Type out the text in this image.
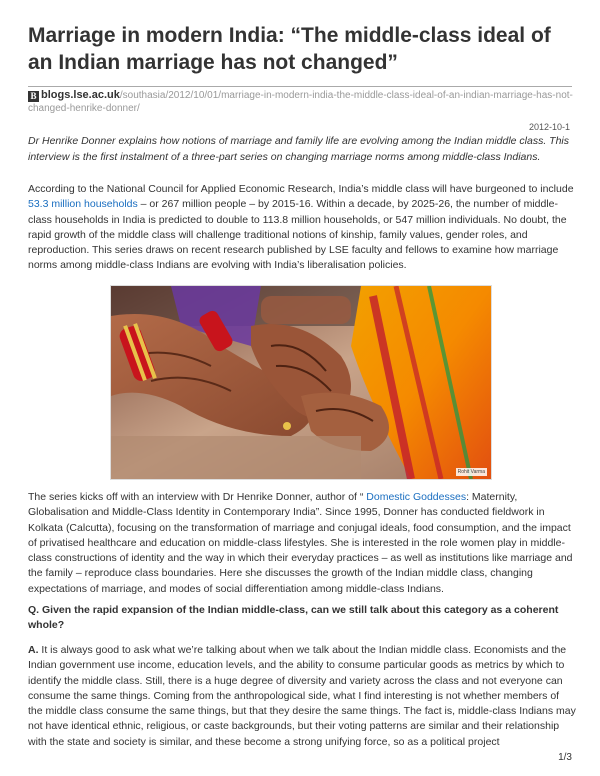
Marriage in modern India: “The middle-class ideal of an Indian marriage has not changed”
B blogs.lse.ac.uk/southasia/2012/10/01/marriage-in-modern-india-the-middle-class-ideal-of-an-indian-marriage-has-not-changed-henrike-donner/
2012-10-1

Dr Henrike Donner explains how notions of marriage and family life are evolving among the Indian middle class. This interview is the first instalment of a three-part series on changing marriage norms among middle-class Indians.

According to the National Council for Applied Economic Research, India’s middle class will have burgeoned to include 53.3 million households – or 267 million people – by 2015-16. Within a decade, by 2025-26, the number of middle-class households in India is predicted to double to 113.8 million households, or 547 million individuals. No doubt, the rapid growth of the middle class will challenge traditional notions of kinship, family values, gender roles, and reproduction. This series draws on recent research published by LSE faculty and fellows to examine how marriage norms among middle-class Indians are evolving with India’s liberalisation policies.

Rohit Varma

The series kicks off with an interview with Dr Henrike Donner, author of “ Domestic Goddesses: Maternity, Globalisation and Middle-Class Identity in Contemporary India”. Since 1995, Donner has conducted fieldwork in Kolkata (Calcutta), focusing on the transformation of marriage and conjugal ideals, food consumption, and the impact of privatised healthcare and education on middle-class lifestyles. She is interested in the role women play in middle-class constructions of identity and the way in which their everyday practices – as well as institutions like marriage and the family – reproduce class boundaries. Here she discusses the growth of the Indian middle class, changing expectations of marriage, and modes of social differentiation among middle-class Indians.

Q. Given the rapid expansion of the Indian middle-class, can we still talk about this category as a coherent whole?

A. It is always good to ask what we’re talking about when we talk about the Indian middle class. Economists and the Indian government use income, education levels, and the ability to consume particular goods as metrics by which to identify the middle class. Still, there is a huge degree of diversity and variety across the class and not everyone can consume the same things. Coming from the anthropological side, what I find interesting is not whether members of the middle class consume the same things, but that they desire the same things. The fact is, middle-class Indians may not have identical ethnic, religious, or caste backgrounds, but their voting patterns are similar and their relationship with the state and society is similar, and these become a strong unifying force, so as a political project

1/3
